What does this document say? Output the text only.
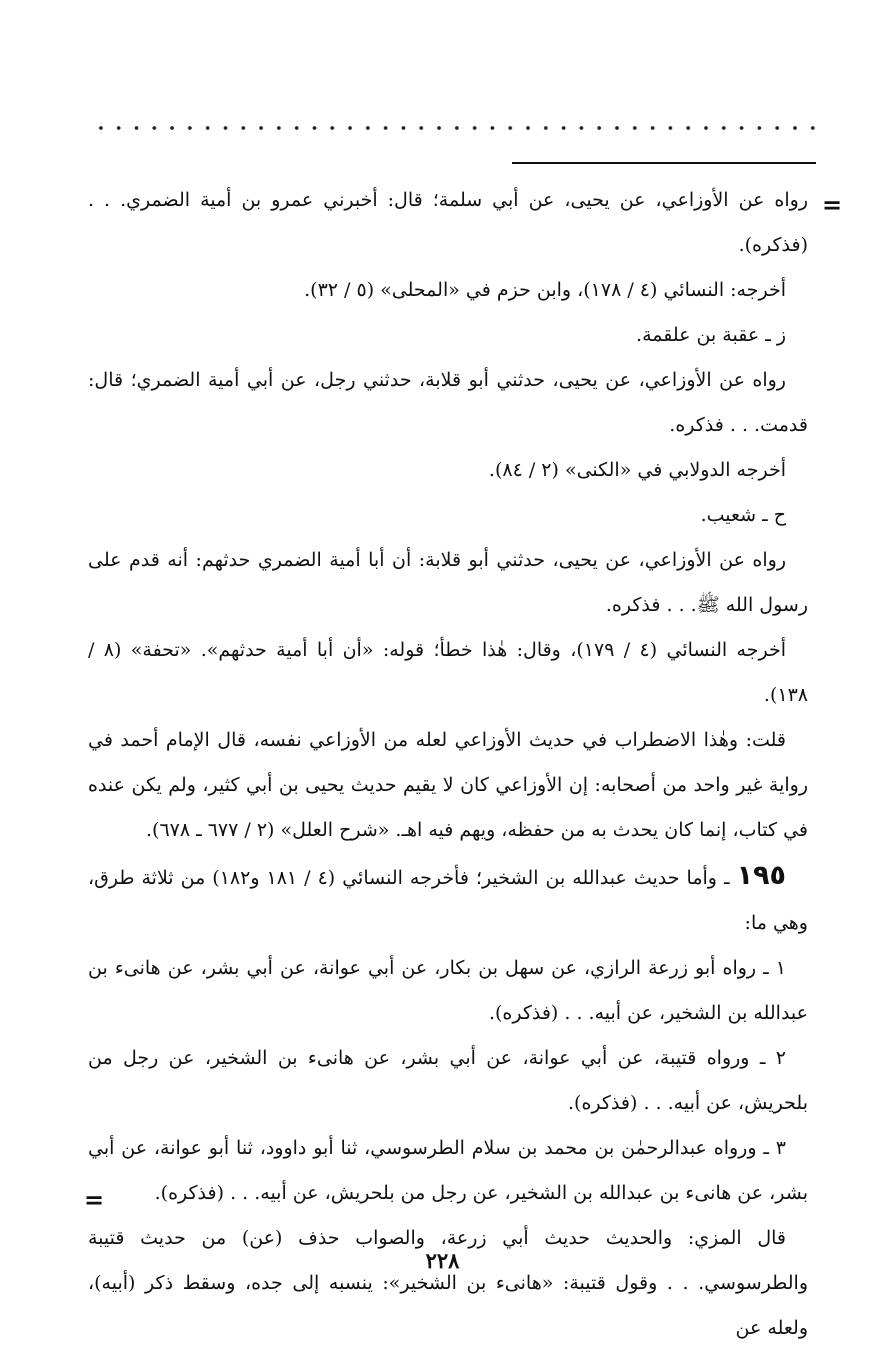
=
=

رواه عن الأوزاعي، عن يحيى، عن أبي سلمة؛ قال: أخبرني عمرو بن أمية الضمري. . . (فذكره).

أخرجه: النسائي (٤ / ١٧٨)، وابن حزم في «المحلى» (٥ / ٣٢).

ز ـ عقبة بن علقمة.

رواه عن الأوزاعي، عن يحيى، حدثني أبو قلابة، حدثني رجل، عن أبي أمية الضمري؛ قال: قدمت. . . فذكره.

أخرجه الدولابي في «الكنى» (٢ / ٨٤).

ح ـ شعيب.

رواه عن الأوزاعي، عن يحيى، حدثني أبو قلابة: أن أبا أمية الضمري حدثهم: أنه قدم على رسول الله ﷺ. . . فذكره.

أخرجه النسائي (٤ / ١٧٩)، وقال: هٰذا خطأ؛ قوله: «أن أبا أمية حدثهم». «تحفة» (٨ / ١٣٨).

قلت: وهٰذا الاضطراب في حديث الأوزاعي لعله من الأوزاعي نفسه، قال الإمام أحمد في رواية غير واحد من أصحابه: إن الأوزاعي كان لا يقيم حديث يحيى بن أبي كثير، ولم يكن عنده في كتاب، إنما كان يحدث به من حفظه، ويهم فيه اهـ. «شرح العلل» (٢ / ٦٧٧ ـ ٦٧٨).

١٩٥ ـ وأما حديث عبدالله بن الشخير؛ فأخرجه النسائي (٤ / ١٨١ و١٨٢) من ثلاثة طرق، وهي ما:

١ ـ رواه أبو زرعة الرازي، عن سهل بن بكار، عن أبي عوانة، عن أبي بشر، عن هانىء بن عبدالله بن الشخير، عن أبيه. . . (فذكره).

٢ ـ ورواه قتيبة، عن أبي عوانة، عن أبي بشر، عن هانىء بن الشخير، عن رجل من بلحريش، عن أبيه. . . (فذكره).

٣ ـ ورواه عبدالرحمٰن بن محمد بن سلام الطرسوسي، ثنا أبو داوود، ثنا أبو عوانة، عن أبي بشر، عن هانىء بن عبدالله بن الشخير، عن رجل من بلحريش، عن أبيه. . . (فذكره).

قال المزي: والحديث حديث أبي زرعة، والصواب حذف (عن) من حديث قتيبة والطرسوسي. . . وقول قتيبة: «هانىء بن الشخير»: ينسبه إلى جده، وسقط ذكر (أبيه)، ولعله عن

٢٢٨
